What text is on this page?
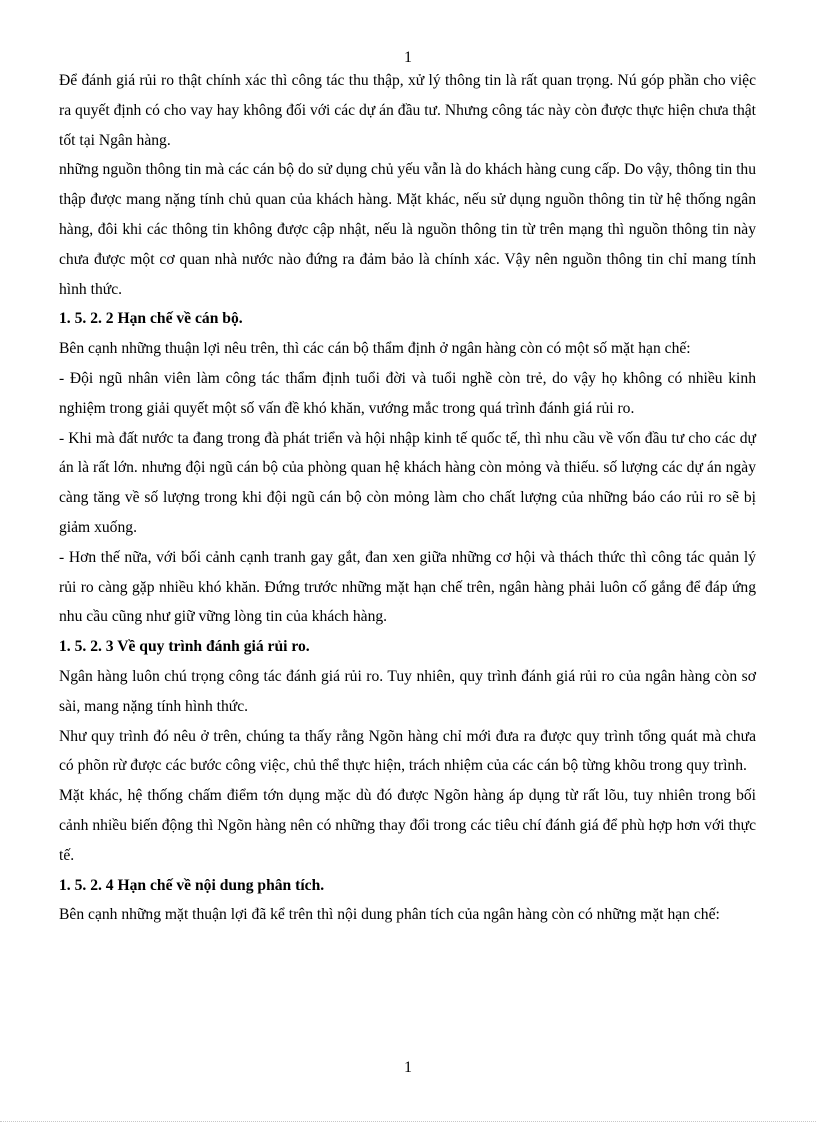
1

Để đánh giá rủi ro thật chính xác thì công tác thu thập, xử lý thông tin là rất quan trọng. Nú góp phần cho việc ra quyết định có cho vay hay không đối với các dự án đầu tư. Nhưng công tác này còn được thực hiện chưa thật tốt tại Ngân hàng.

những nguồn thông tin mà các cán bộ do sử dụng chủ yếu vẫn là do khách hàng cung cấp. Do vậy, thông tin thu thập được mang nặng tính chủ quan của khách hàng. Mặt khác, nếu sử dụng nguồn thông tin từ hệ thống ngân hàng, đôi khi các thông tin không được cập nhật, nếu là nguồn thông tin từ trên mạng thì nguồn thông tin này chưa được một cơ quan nhà nước nào đứng ra đảm bảo là chính xác. Vậy nên nguồn thông tin chỉ mang tính hình thức.

1. 5. 2. 2 Hạn chế về cán bộ.

Bên cạnh những thuận lợi nêu trên, thì các cán bộ thẩm định ở ngân hàng còn có một số mặt hạn chế:

- Đội ngũ nhân viên làm công tác thẩm định tuổi đời và tuổi nghề còn trẻ, do vậy họ không có nhiều kinh nghiệm trong giải quyết một số vấn đề khó khăn, vướng mắc trong quá trình đánh giá rủi ro.

- Khi mà đất nước ta đang trong đà phát triển và hội nhập kinh tế quốc tế, thì nhu cầu về vốn đầu tư cho các dự án là rất lớn. nhưng đội ngũ cán bộ của phòng quan hệ khách hàng còn mỏng và thiếu. số lượng các dự án ngày càng tăng về số lượng trong khi đội ngũ cán bộ còn mỏng làm cho chất lượng của những báo cáo rủi ro sẽ bị giảm xuống.

- Hơn thế nữa, với bối cảnh cạnh tranh gay gắt, đan xen giữa những cơ hội và thách thức thì công tác quản lý rủi ro càng gặp nhiều khó khăn. Đứng trước những mặt hạn chế trên, ngân hàng phải luôn cố gắng để đáp ứng nhu cầu cũng như giữ vững lòng tin của khách hàng.

1. 5. 2. 3 Về quy trình đánh giá rủi ro.

Ngân hàng luôn chú trọng công tác đánh giá rủi ro. Tuy nhiên, quy trình đánh giá rủi ro của ngân hàng còn sơ sài, mang nặng tính hình thức.

Như quy trình đó nêu ở trên, chúng ta thấy rằng Ngõn hàng chỉ mới đưa ra được quy trình tổng quát mà chưa có phõn rừ được các bước công việc, chủ thể thực hiện, trách nhiệm của các cán bộ từng khõu trong quy trình.

Mặt khác, hệ thống chấm điểm tớn dụng mặc dù đó được Ngõn hàng áp dụng từ rất lõu, tuy nhiên trong bối cảnh nhiều biến động thì Ngõn hàng nên có những thay đổi trong các tiêu chí đánh giá để phù hợp hơn với thực tế.

1. 5. 2. 4 Hạn chế về nội dung phân tích.

Bên cạnh những mặt thuận lợi đã kể trên thì nội dung phân tích của ngân hàng còn có những mặt hạn chế:

1
